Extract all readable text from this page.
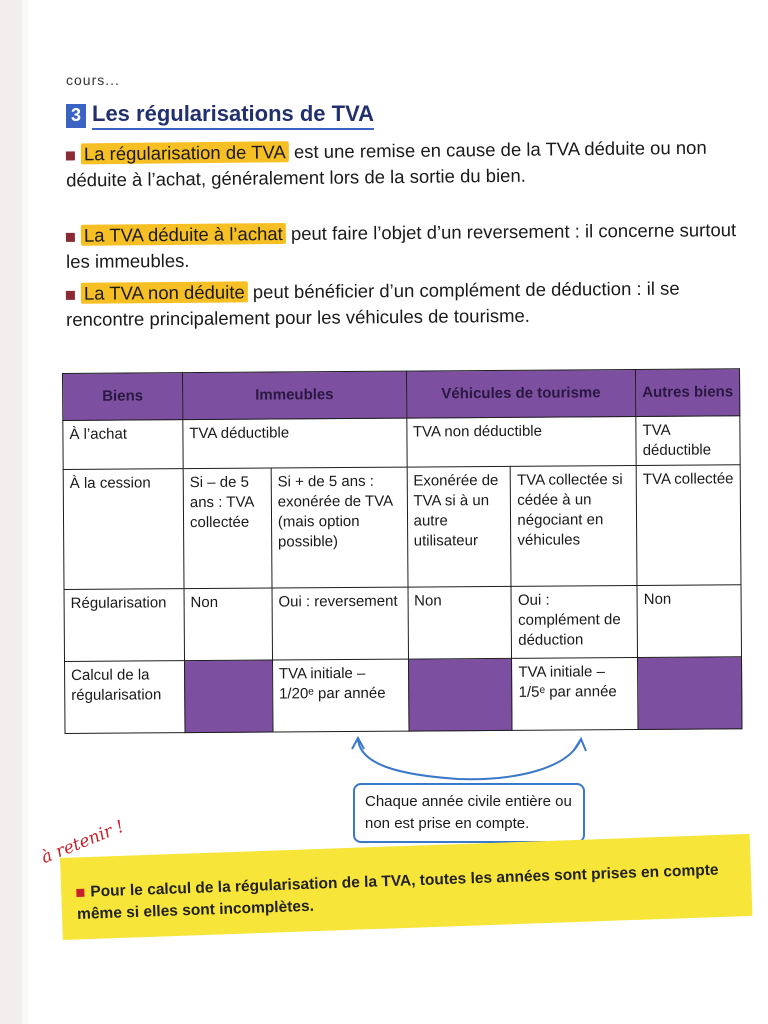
cours...
3 Les régularisations de TVA
La régularisation de TVA est une remise en cause de la TVA déduite ou non déduite à l’achat, généralement lors de la sortie du bien.
La TVA déduite à l’achat peut faire l’objet d’un reversement : il concerne surtout les immeubles.
La TVA non déduite peut bénéficier d’un complément de déduction : il se rencontre principalement pour les véhicules de tourisme.
Biens	Immeubles		Véhicules de tourisme		Autres biens
À l’achat	TVA déductible		TVA non déductible		TVA déductible
À la cession	Si – de 5 ans : TVA collectée	Si + de 5 ans : exonérée de TVA (mais option possible)	Exonérée de TVA si à un autre utilisateur	TVA collectée si cédée à un négociant en véhicules	TVA collectée
Régularisation	Non	Oui : reversement	Non	Oui : complément de déduction	Non
Calcul de la régularisation		TVA initiale – 1/20ᵉ par année		TVA initiale – 1/5ᵉ par année	
Chaque année civile entière ou non est prise en compte.
à retenir !
Pour le calcul de la régularisation de la TVA, toutes les années sont prises en compte même si elles sont incomplètes.
